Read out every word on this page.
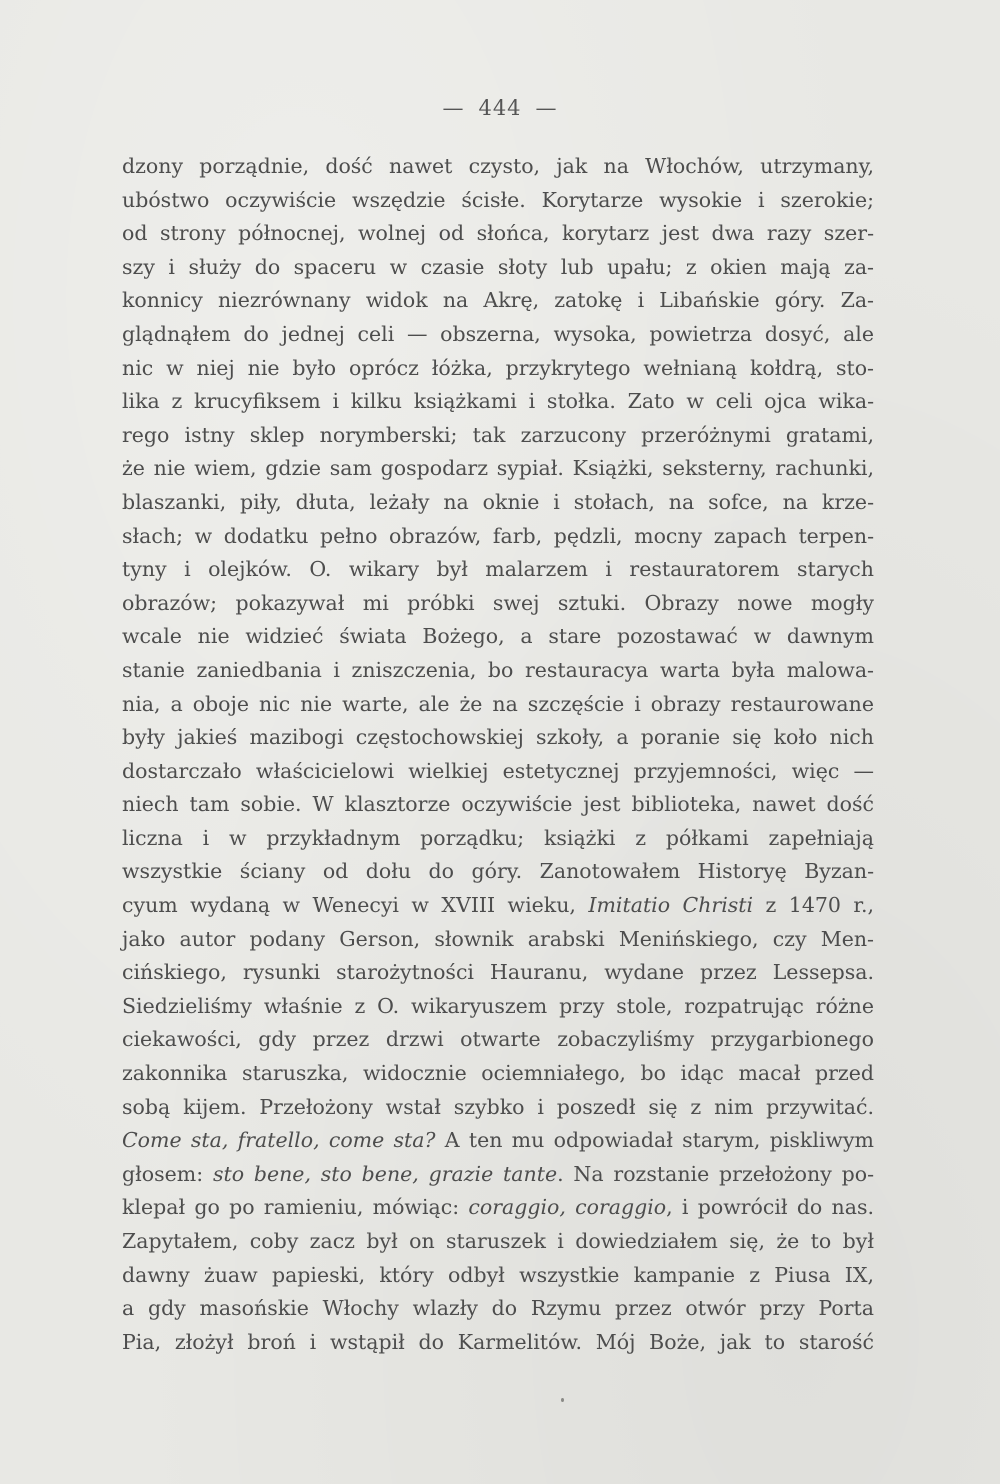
— 444 —
dzony porządnie, dość nawet czysto, jak na Włochów, utrzymany,
ubóstwo oczywiście wszędzie ścisłe. Korytarze wysokie i szerokie;
od strony północnej, wolnej od słońca, korytarz jest dwa razy szer-
szy i służy do spaceru w czasie słoty lub upału; z okien mają za-
konnicy niezrównany widok na Akrę, zatokę i Libańskie góry. Za-
glądnąłem do jednej celi — obszerna, wysoka, powietrza dosyć, ale
nic w niej nie było oprócz łóżka, przykrytego wełnianą kołdrą, sto-
lika z krucyfiksem i kilku książkami i stołka. Zato w celi ojca wika-
rego istny sklep norymberski; tak zarzucony przeróżnymi gratami,
że nie wiem, gdzie sam gospodarz sypiał. Książki, seksterny, rachunki,
blaszanki, piły, dłuta, leżały na oknie i stołach, na sofce, na krze-
słach; w dodatku pełno obrazów, farb, pędzli, mocny zapach terpen-
tyny i olejków. O. wikary był malarzem i restauratorem starych
obrazów; pokazywał mi próbki swej sztuki. Obrazy nowe mogły
wcale nie widzieć świata Bożego, a stare pozostawać w dawnym
stanie zaniedbania i zniszczenia, bo restauracya warta była malowa-
nia, a oboje nic nie warte, ale że na szczęście i obrazy restaurowane
były jakieś mazibogi częstochowskiej szkoły, a poranie się koło nich
dostarczało właścicielowi wielkiej estetycznej przyjemności, więc —
niech tam sobie. W klasztorze oczywiście jest biblioteka, nawet dość
liczna i w przykładnym porządku; książki z półkami zapełniają
wszystkie ściany od dołu do góry. Zanotowałem Historyę Byzan-
cyum wydaną w Wenecyi w XVIII wieku, Imitatio Christi z 1470 r.,
jako autor podany Gerson, słownik arabski Menińskiego, czy Men-
cińskiego, rysunki starożytności Hauranu, wydane przez Lessepsa.
Siedzieliśmy właśnie z O. wikaryuszem przy stole, rozpatrując różne
ciekawości, gdy przez drzwi otwarte zobaczyliśmy przygarbionego
zakonnika staruszka, widocznie ociemniałego, bo idąc macał przed
sobą kijem. Przełożony wstał szybko i poszedł się z nim przywitać.
Come sta, fratello, come sta? A ten mu odpowiadał starym, piskliwym
głosem: sto bene, sto bene, grazie tante. Na rozstanie przełożony po-
klepał go po ramieniu, mówiąc: coraggio, coraggio, i powrócił do nas.
Zapytałem, coby zacz był on staruszek i dowiedziałem się, że to był
dawny żuaw papieski, który odbył wszystkie kampanie z Piusa IX,
a gdy masońskie Włochy wlazły do Rzymu przez otwór przy Porta
Pia, złożył broń i wstąpił do Karmelitów. Mój Boże, jak to starość
